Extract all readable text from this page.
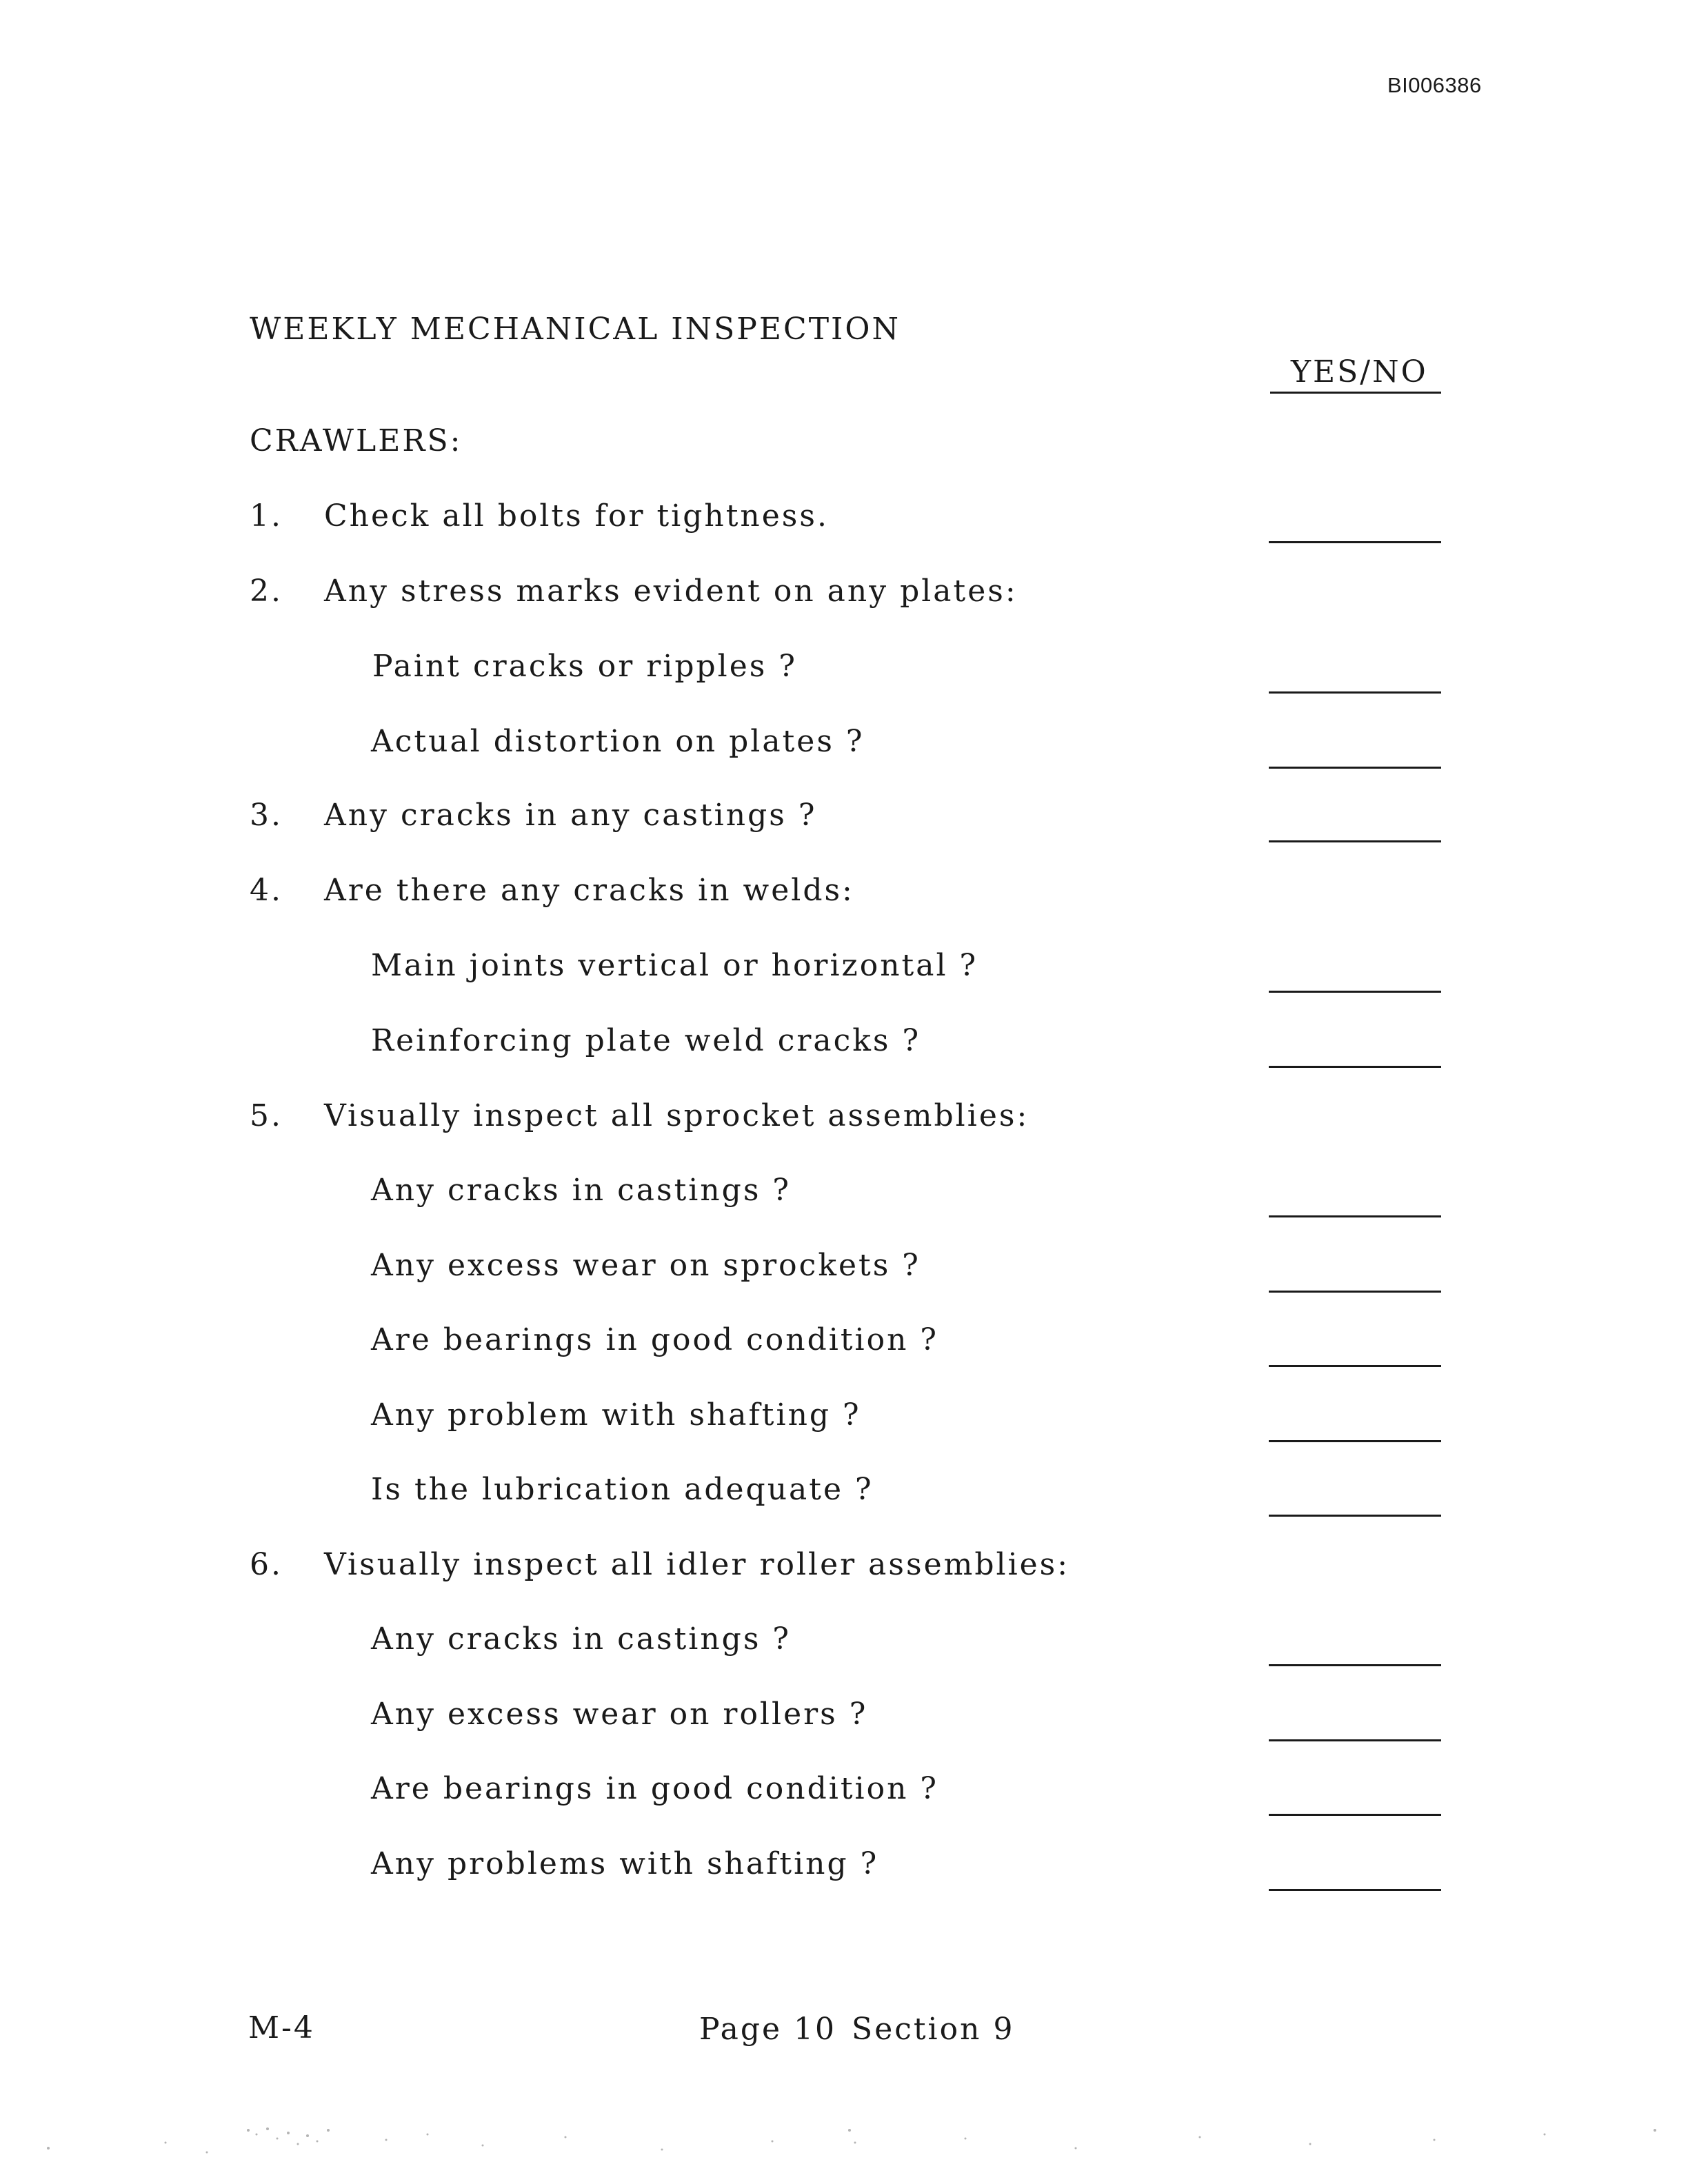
BI006386
WEEKLY MECHANICAL INSPECTION
YES/NO
CRAWLERS:
1. Check all bolts for tightness.
2. Any stress marks evident on any plates:
Paint cracks or ripples ?
Actual distortion on plates ?
3. Any cracks in any castings ?
4. Are there any cracks in welds:
Main joints vertical or horizontal ?
Reinforcing plate weld cracks ?
5. Visually inspect all sprocket assemblies:
Any cracks in castings ?
Any excess wear on sprockets ?
Are bearings in good condition ?
Any problem with shafting ?
Is the lubrication adequate ?
6. Visually inspect all idler roller assemblies:
Any cracks in castings ?
Any excess wear on rollers ?
Are bearings in good condition ?
Any problems with shafting ?
M-4	Page 10 Section 9
